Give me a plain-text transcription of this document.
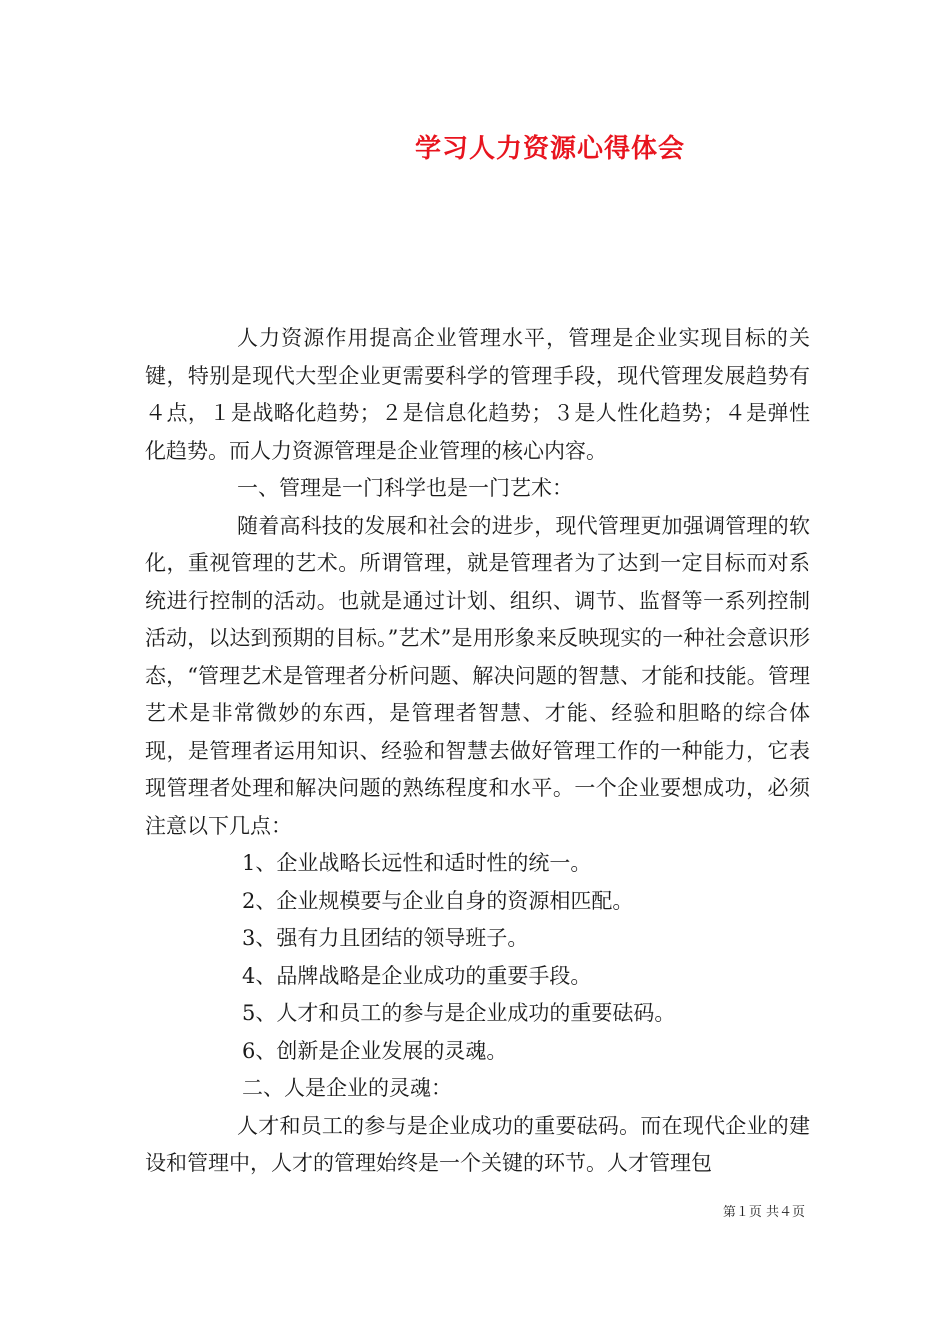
学习人力资源心得体会

人力资源作用提高企业管理水平，管理是企业实现目标的关键，特别是现代大型企业更需要科学的管理手段，现代管理发展趋势有４点，１是战略化趋势；２是信息化趋势；３是人性化趋势；４是弹性化趋势。而人力资源管理是企业管理的核心内容。

一、管理是一门科学也是一门艺术：

随着高科技的发展和社会的进步，现代管理更加强调管理的软化，重视管理的艺术。所谓管理，就是管理者为了达到一定目标而对系统进行控制的活动。也就是通过计划、组织、调节、监督等一系列控制活动，以达到预期的目标。”艺术”是用形象来反映现实的一种社会意识形态，“管理艺术是管理者分析问题、解决问题的智慧、才能和技能。管理艺术是非常微妙的东西，是管理者智慧、才能、经验和胆略的综合体现，是管理者运用知识、经验和智慧去做好管理工作的一种能力，它表现管理者处理和解决问题的熟练程度和水平。一个企业要想成功，必须注意以下几点：

1、企业战略长远性和适时性的统一。

2、企业规模要与企业自身的资源相匹配。

3、强有力且团结的领导班子。

4、品牌战略是企业成功的重要手段。

5、人才和员工的参与是企业成功的重要砝码。

6、创新是企业发展的灵魂。

二、人是企业的灵魂：

人才和员工的参与是企业成功的重要砝码。而在现代企业的建设和管理中，人才的管理始终是一个关键的环节。人才管理包

第１页 共４页
